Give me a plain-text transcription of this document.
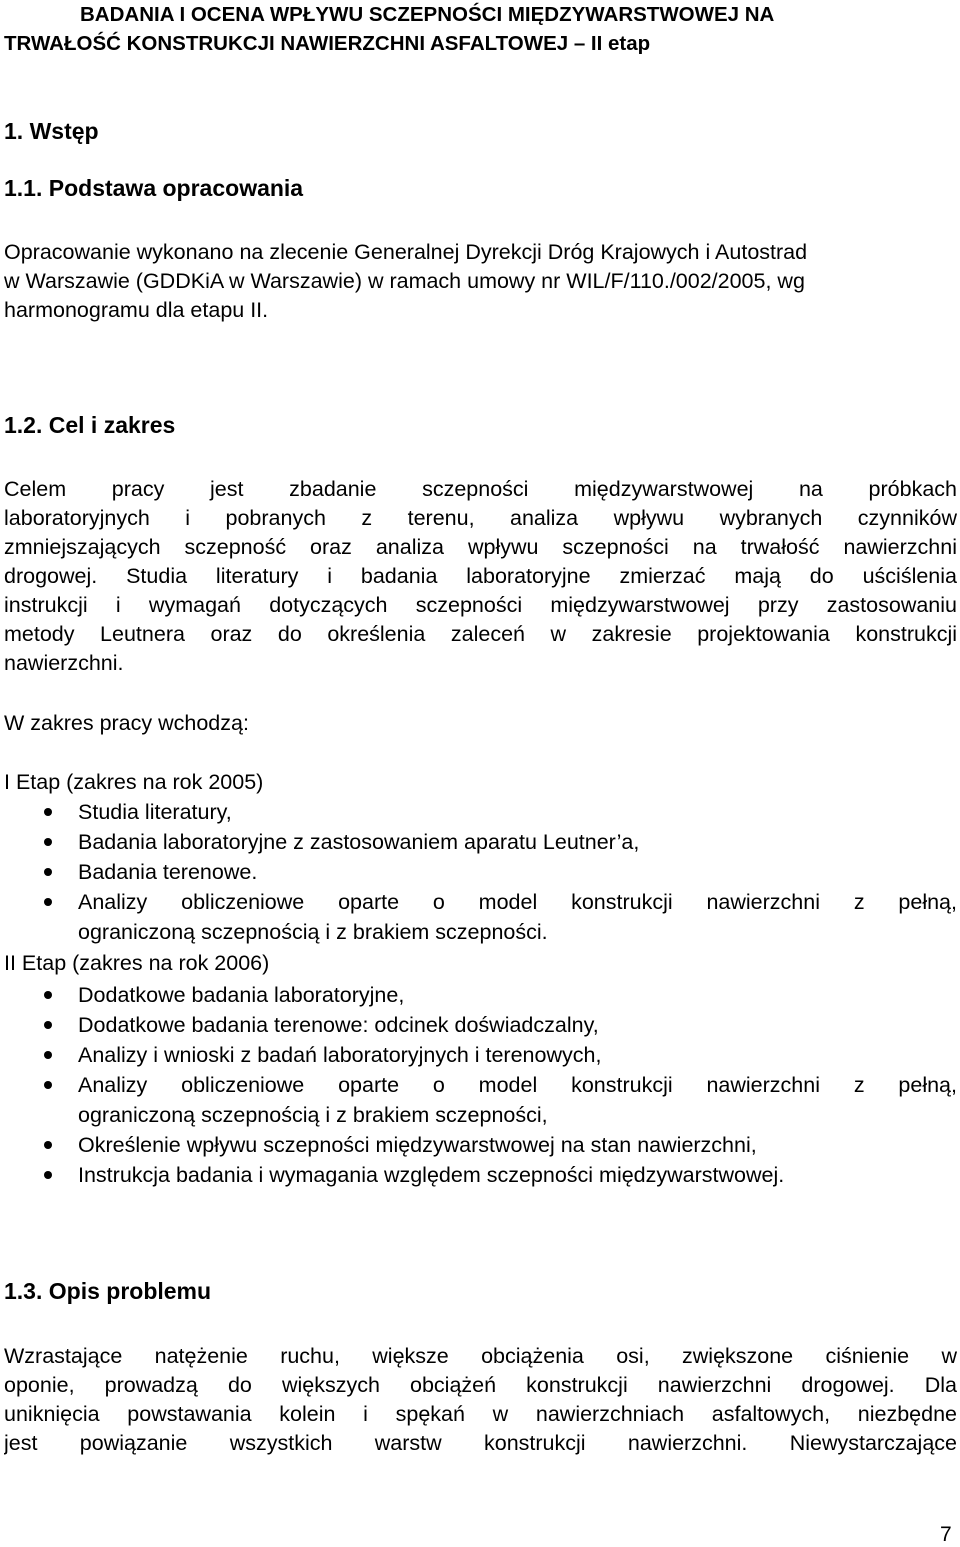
BADANIA I OCENA WPŁYWU SCZEPNOŚCI MIĘDZYWARSTWOWEJ NA
TRWAŁOŚĆ KONSTRUKCJI NAWIERZCHNI ASFALTOWEJ – II etap
1. Wstęp
1.1. Podstawa opracowania
Opracowanie wykonano na zlecenie Generalnej Dyrekcji Dróg Krajowych i Autostrad
w Warszawie (GDDKiA w Warszawie) w ramach umowy nr WIL/F/110./002/2005, wg
harmonogramu dla etapu II.
1.2. Cel i zakres
Celem pracy jest zbadanie sczepności międzywarstwowej na próbkach
laboratoryjnych i pobranych z terenu, analiza wpływu wybranych czynników
zmniejszających sczepność oraz analiza wpływu sczepności na trwałość nawierzchni
drogowej. Studia literatury i badania laboratoryjne zmierzać mają do uściślenia
instrukcji i wymagań dotyczących sczepności międzywarstwowej przy zastosowaniu
metody Leutnera oraz do określenia zaleceń w zakresie projektowania konstrukcji
nawierzchni.
W zakres pracy wchodzą:
I Etap (zakres na rok 2005)
Studia literatury,
Badania laboratoryjne z zastosowaniem aparatu Leutner’a,
Badania terenowe.
Analizy obliczeniowe oparte o model konstrukcji nawierzchni z pełną,
ograniczoną sczepnością i z brakiem sczepności.
II Etap (zakres na rok 2006)
Dodatkowe badania laboratoryjne,
Dodatkowe badania terenowe: odcinek doświadczalny,
Analizy i wnioski z badań laboratoryjnych i terenowych,
Analizy obliczeniowe oparte o model konstrukcji nawierzchni z pełną,
ograniczoną sczepnością i z brakiem sczepności,
Określenie wpływu sczepności międzywarstwowej na stan nawierzchni,
Instrukcja badania i wymagania względem sczepności międzywarstwowej.
1.3. Opis problemu
Wzrastające natężenie ruchu, większe obciążenia osi, zwiększone ciśnienie w
oponie, prowadzą do większych obciążeń konstrukcji nawierzchni drogowej. Dla
uniknięcia powstawania kolein i spękań w nawierzchniach asfaltowych, niezbędne
jest powiązanie wszystkich warstw konstrukcji nawierzchni. Niewystarczające
7
